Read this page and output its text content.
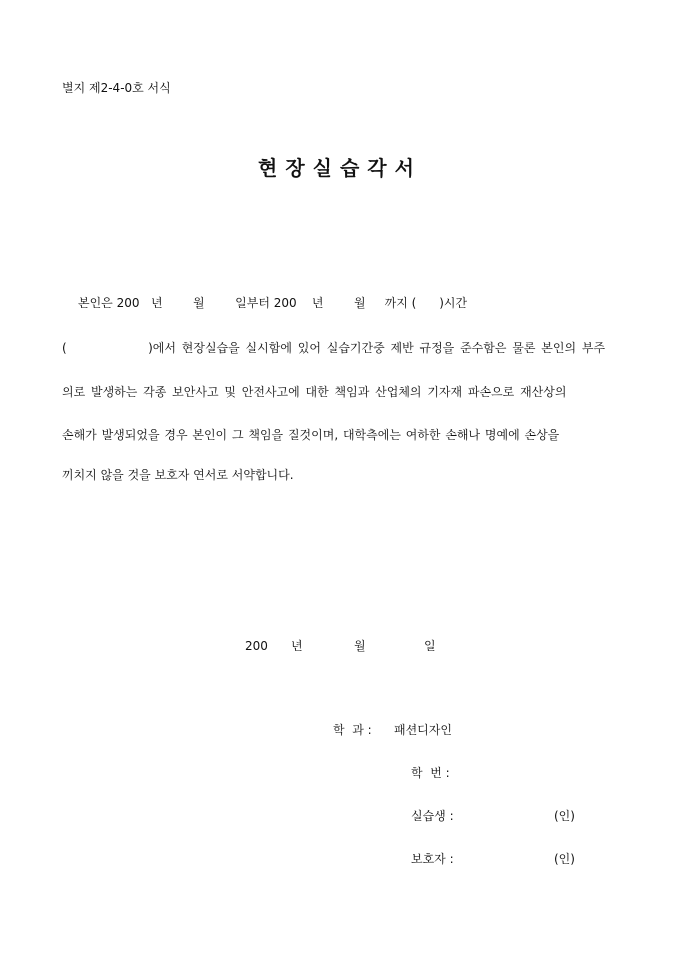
별지 제2-4-0호 서식
현장실습각서
본인은 200   년        월        일부터 200    년        월     까지 (      )시간
(              )에서 현장실습을 실시함에 있어 실습기간중 제반 규정을 준수함은 물론 본인의 부주
의로 발생하는 각종 보안사고 및 안전사고에 대한 책임과 산업체의 기자재 파손으로 재산상의
손해가 발생되었을 경우 본인이 그 책임을 질것이며, 대학측에는 여하한 손해나 명예에 손상을
끼치지 않을 것을 보호자 연서로 서약합니다.
200 년	월	일
학  과 : 패션디자인
학  번 :
실습생 :	(인)
보호자 :	(인)
